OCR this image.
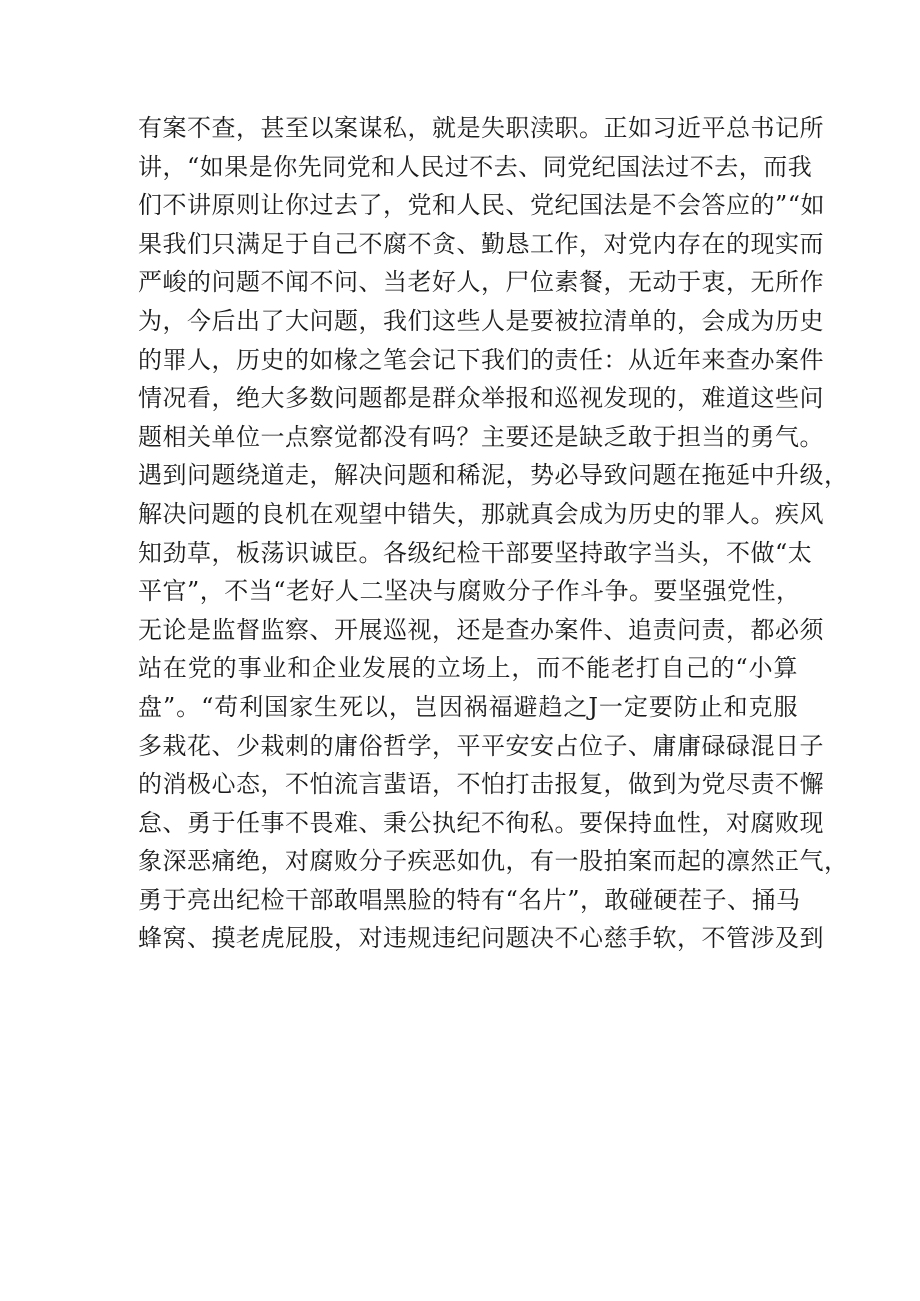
有案不查，甚至以案谋私，就是失职渎职。正如习近平总书记所
讲，“如果是你先同党和人民过不去、同党纪国法过不去，而我
们不讲原则让你过去了，党和人民、党纪国法是不会答应的”“如
果我们只满足于自己不腐不贪、勤恳工作，对党内存在的现实而
严峻的问题不闻不问、当老好人，尸位素餐，无动于衷，无所作
为，今后出了大问题，我们这些人是要被拉清单的，会成为历史
的罪人，历史的如椽之笔会记下我们的责任：从近年来查办案件
情况看，绝大多数问题都是群众举报和巡视发现的，难道这些问
题相关单位一点察觉都没有吗？主要还是缺乏敢于担当的勇气。
遇到问题绕道走，解决问题和稀泥，势必导致问题在拖延中升级，
解决问题的良机在观望中错失，那就真会成为历史的罪人。疾风
知劲草，板荡识诚臣。各级纪检干部要坚持敢字当头，不做“太
平官”，不当“老好人二坚决与腐败分子作斗争。要坚强党性，
无论是监督监察、开展巡视，还是查办案件、追责问责，都必须
站在党的事业和企业发展的立场上，而不能老打自己的“小算
盘”。“苟利国家生死以，岂因祸福避趋之J一定要防止和克服
多栽花、少栽刺的庸俗哲学，平平安安占位子、庸庸碌碌混日子
的消极心态，不怕流言蜚语，不怕打击报复，做到为党尽责不懈
怠、勇于任事不畏难、秉公执纪不徇私。要保持血性，对腐败现
象深恶痛绝，对腐败分子疾恶如仇，有一股拍案而起的凛然正气，
勇于亮出纪检干部敢唱黑脸的特有“名片”，敢碰硬茬子、捅马
蜂窝、摸老虎屁股，对违规违纪问题决不心慈手软，不管涉及到
